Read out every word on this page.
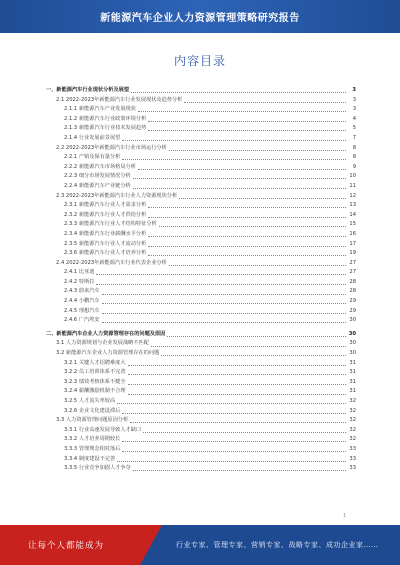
新能源汽车企业人力资源管理策略研究报告
内容目录
一、新能源汽车行业现状分析及展望	3
2.1 2022-2023年新能源汽车行业发展现状及趋势分析	3
2.1.1 新能源汽车产业发展现状	3
2.1.2 新能源汽车行业政策环境分析	4
2.1.3 新能源汽车行业技术发展趋势	5
2.1.4 行业发展前景展望	7
2.2 2022-2023年新能源汽车行业市场运行分析	8
2.2.1 产销及保有量分析	8
2.2.2 新能源汽车市场格局分析	9
2.2.3 细分市场发展情况分析	10
2.2.4 新能源汽车产业链分析	11
2.3 2022-2023年新能源汽车行业人力资源现状分析	12
2.3.1 新能源汽车行业人才需求分析	13
2.3.2 新能源汽车行业人才供给分析	14
2.3.3 新能源汽车行业人才结构特征分析	15
2.3.4 新能源汽车行业薪酬水平分析	16
2.3.5 新能源汽车行业人才流动分析	17
2.3.6 新能源汽车行业人才培养分析	19
2.4 2022-2023年新能源汽车行业代表企业分析	27
2.4.1 比亚迪	27
2.4.2 特斯拉	28
2.4.3 蔚来汽车	28
2.4.4 小鹏汽车	29
2.4.5 理想汽车	29
2.4.6 广汽埃安	30
二、新能源汽车企业人力资源管理存在的问题及原因	30
3.1 人力资源规划与企业发展战略不匹配	30
3.2 新能源汽车企业人力资源管理存在的问题	30
3.2.1 关键人才招聘难度大	31
3.2.2 员工培训体系不完善	31
3.2.3 绩效考核体系不健全	31
3.2.4 薪酬激励机制不合理	31
3.2.5 人才流失率较高	32
3.2.6 企业文化建设滞后	32
3.3 人力资源管理问题原因分析	32
3.3.1 行业高速发展导致人才缺口	32
3.3.2 人才培养周期较长	32
3.3.3 管理理念相对落后	33
3.3.4 制度建设不完善	33
3.3.5 行业竞争加剧人才争夺	33
1
让每个人都能成为	行业专家、管理专家、营销专家、战略专家、成功企业家……
